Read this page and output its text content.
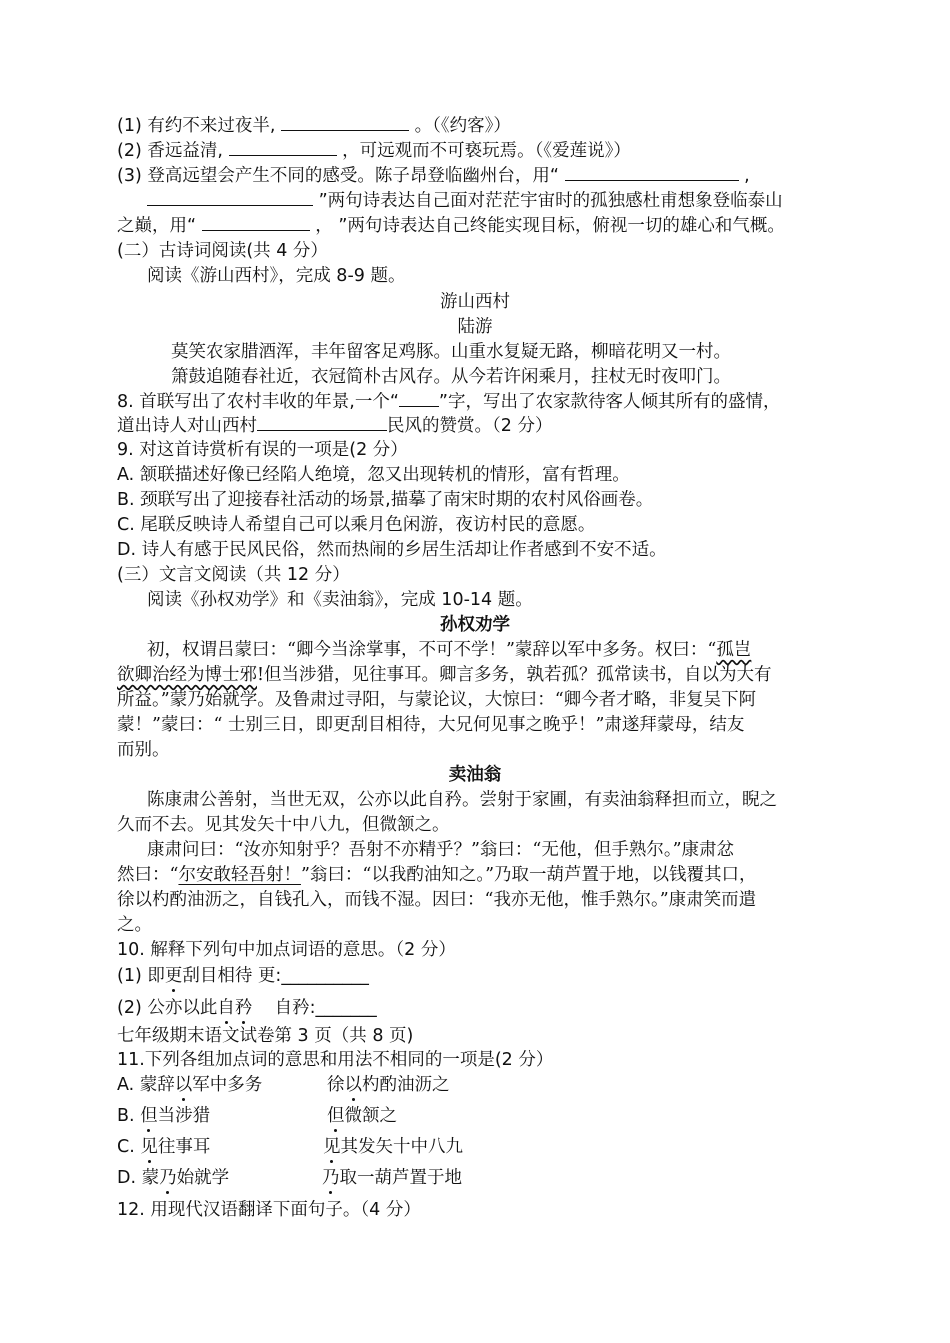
(1) 有约不来过夜半,	。（《约客》）
(2) 香远益清,	，可远观而不可亵玩焉。（《爱莲说》）
(3) 登高远望会产生不同的感受。陈子昂登临幽州台，用“	,
”两句诗表达自己面对茫茫宇宙时的孤独感杜甫想象登临泰山
之巅，用“	， ”两句诗表达自己终能实现目标，俯视一切的雄心和气概。
(二）古诗词阅读(共 4 分）
阅读《游山西村》，完成 8-9 题。
游山西村
陆游
莫笑农家腊酒浑，丰年留客足鸡豚。山重水复疑无路，柳暗花明又一村。
箫鼓追随春社近，衣冠简朴古风存。从今若许闲乘月，拄杖无时夜叩门。
8. 首联写出了农村丰收的年景,一个“ ”字，写出了农家款待客人倾其所有的盛情，
道出诗人对山西村	民风的赞赏。（2 分）
9. 对这首诗赏析有误的一项是(2 分）
A. 颔联描述好像已经陷人绝境，忽又出现转机的情形，富有哲理。
B. 颈联写出了迎接春社活动的场景,描摹了南宋时期的农村风俗画卷。
C. 尾联反映诗人希望自己可以乘月色闲游，夜访村民的意愿。
D. 诗人有感于民风民俗，然而热闹的乡居生活却让作者感到不安不适。
(三）文言文阅读（共 12 分）
阅读《孙权劝学》和《卖油翁》，完成 10-14 题。
孙权劝学
初，权谓吕蒙曰：“卿今当涂掌事，不可不学！”蒙辞以军中多务。权曰：“孤岂
欲卿治经为博士邪!但当涉猎，见往事耳。卿言多务，孰若孤？孤常读书，自以为大有
所益。”蒙乃始就学。及鲁肃过寻阳，与蒙论议，大惊曰：“卿今者才略，非复吴下阿
蒙！”蒙曰：“ 士别三日，即更刮目相待，大兄何见事之晚乎！”肃遂拜蒙母，结友
而别。
卖油翁
陈康肃公善射，当世无双，公亦以此自矜。尝射于家圃，有卖油翁释担而立，睨之
久而不去。见其发矢十中八九，但微颔之。
康肃问曰：“汝亦知射乎？吾射不亦精乎？”翁曰：“无他，但手熟尔。”康肃忿
然曰：“尔安敢轻吾射！”翁曰：“以我酌油知之。”乃取一葫芦置于地，以钱覆其口，
徐以杓酌油沥之，自钱孔入，而钱不湿。因曰：“我亦无他，惟手熟尔。”康肃笑而遣
之。
10. 解释下列句中加点词语的意思。（2 分）
(1) 即更刮目相待 更:__________
(2) 公亦以此自矜    自矜:_______
七年级期末语文试卷第 3 页（共 8 页)
11.下列各组加点词的意思和用法不相同的一项是(2 分）
A. 蒙辞以军中多务	徐以杓酌油沥之
B. 但当涉猎	但微颔之
C. 见往事耳	见其发矢十中八九
D. 蒙乃始就学	乃取一葫芦置于地
12. 用现代汉语翻译下面句子。（4 分）
